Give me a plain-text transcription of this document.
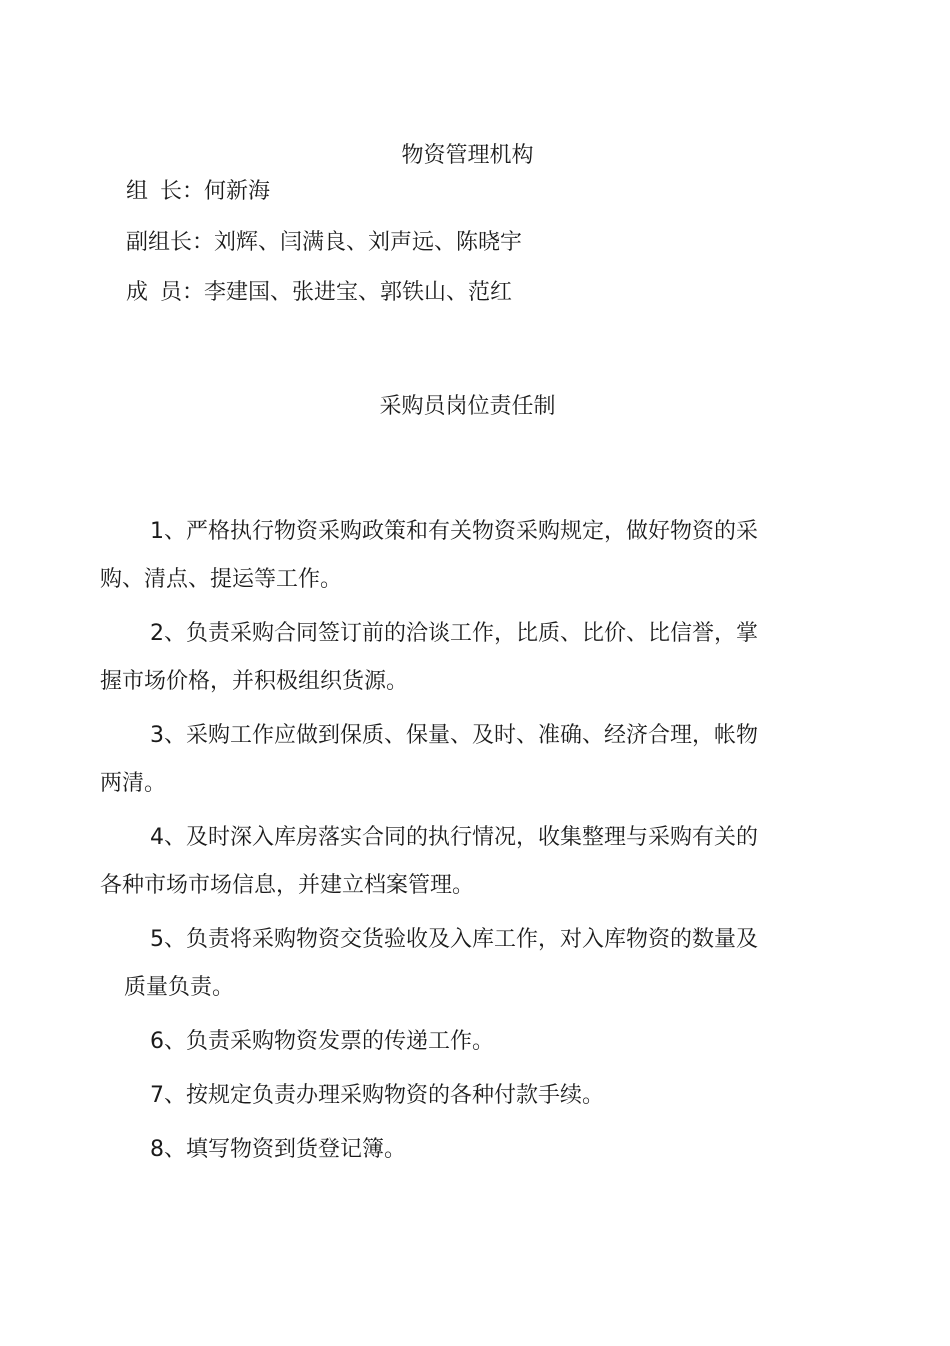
物资管理机构

组 长： 何新海

副组长：刘辉、闫满良、刘声远、陈晓宇

成 员： 李建国、张进宝、郭铁山、范红

采购员岗位责任制

1、严格执行物资采购政策和有关物资采购规定，做好物资的采
购、清点、提运等工作。

2、负责采购合同签订前的洽谈工作，比质、比价、比信誉，掌
握市场价格，并积极组织货源。

3、采购工作应做到保质、保量、及时、准确、经济合理，帐物
两清。

4、及时深入库房落实合同的执行情况，收集整理与采购有关的
各种市场市场信息，并建立档案管理。

5、负责将采购物资交货验收及入库工作，对入库物资的数量及
质量负责。

6、负责采购物资发票的传递工作。

7、按规定负责办理采购物资的各种付款手续。

8、填写物资到货登记簿。
